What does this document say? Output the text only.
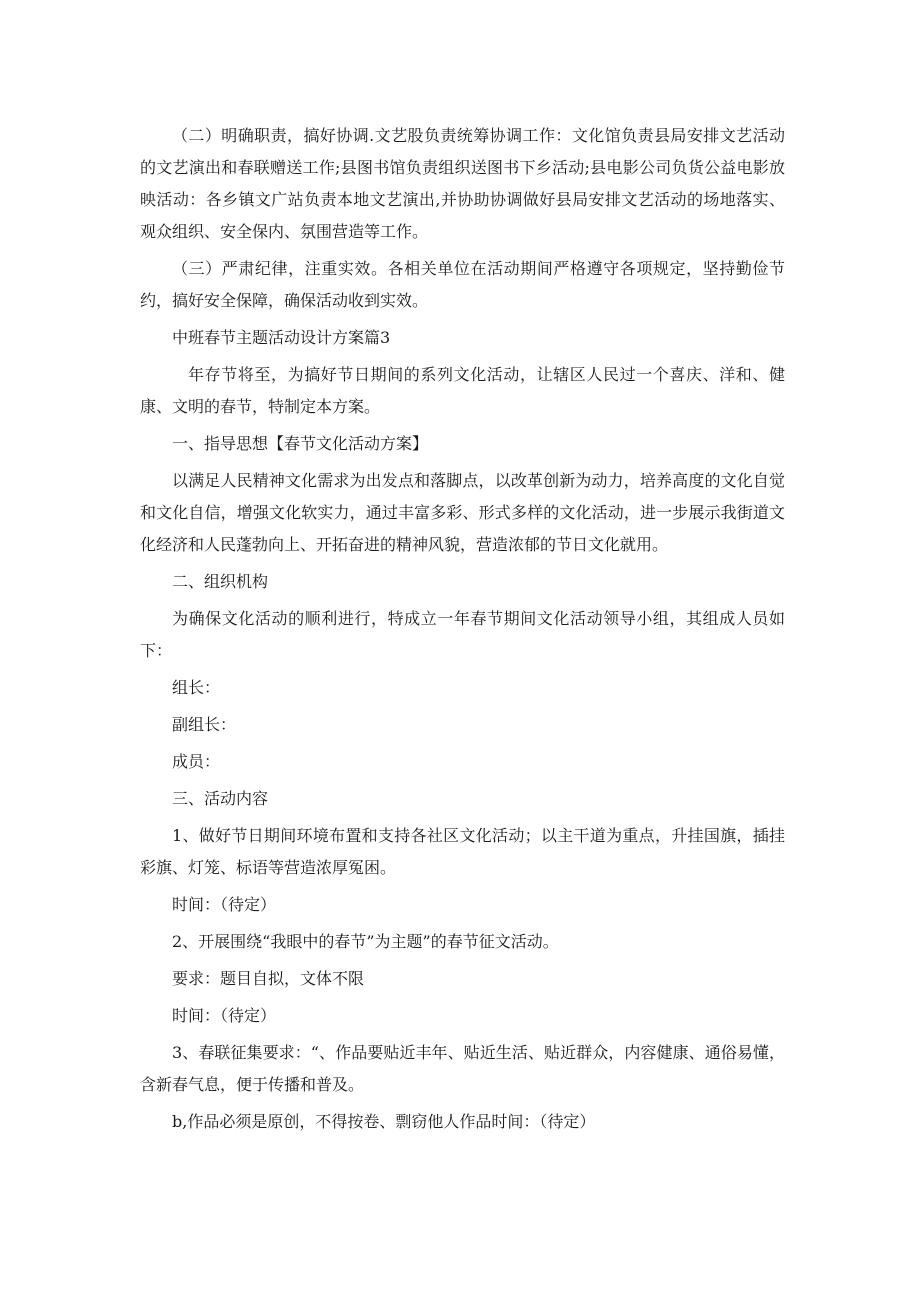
（二）明确职责，搞好协调.文艺股负责统筹协调工作：文化馆负责县局安排文艺活动的文艺演出和春联赠送工作;县图书馆负责组织送图书下乡活动;县电影公司负货公益电影放映活动：各乡镇文广站负责本地文艺演出,并协助协调做好县局安排文艺活动的场地落实、观众组织、安全保内、氛围营造等工作。

（三）严肃纪律，注重实效。各相关单位在活动期间严格遵守各项规定，坚持勤俭节约，搞好安全保障，确保活动收到实效。

中班春节主题活动设计方案篇3

年存节将至，为搞好节日期间的系列文化活动，让辖区人民过一个喜庆、洋和、健康、文明的春节，特制定本方案。

一、指导思想【春节文化活动方案】

以满足人民精神文化需求为出发点和落脚点，以改革创新为动力，培养高度的文化自觉和文化自信，增强文化软实力，通过丰富多彩、形式多样的文化活动，进一步展示我街道文化经济和人民蓬勃向上、开拓奋进的精神风貌，营造浓郁的节日文化就用。

二、组织机构

为确保文化活动的顺利进行，特成立一年春节期间文化活动领导小组，其组成人员如下：

组长：

副组长：

成员：

三、活动内容

1、做好节日期间环境布置和支持各社区文化活动；以主干道为重点，升挂国旗，插挂彩旗、灯笼、标语等营造浓厚冤困。

时间：（待定）

2、开展围绕“我眼中的春节”为主题”的春节征文活动。

要求：题目自拟，文体不限

时间：（待定）

3、春联征集要求：“、作品要贴近丰年、贴近生活、贴近群众，内容健康、通俗易懂，含新春气息，便于传播和普及。

b,作品必须是原创，不得按卷、剽窃他人作品时间：（待定）
